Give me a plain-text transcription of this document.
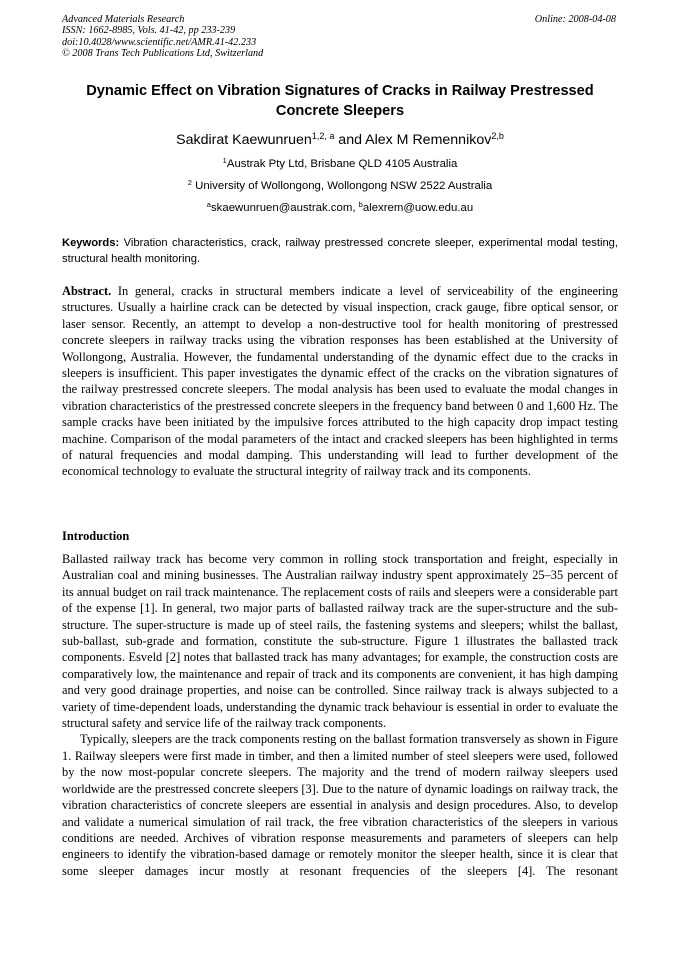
Advanced Materials Research
ISSN: 1662-8985, Vols. 41-42, pp 233-239
doi:10.4028/www.scientific.net/AMR.41-42.233
© 2008 Trans Tech Publications Ltd, Switzerland
Online: 2008-04-08
Dynamic Effect on Vibration Signatures of Cracks in Railway Prestressed Concrete Sleepers
Sakdirat Kaewunruen$^{1,2, a}$ and Alex M Remennikov$^{2,b}$
$^1$Austrak Pty Ltd, Brisbane QLD 4105 Australia
$^2$ University of Wollongong, Wollongong NSW 2522 Australia
$^a$skaewunruen@austrak.com, $^b$alexrem@uow.edu.au
Keywords: Vibration characteristics, crack, railway prestressed concrete sleeper, experimental modal testing, structural health monitoring.
Abstract. In general, cracks in structural members indicate a level of serviceability of the engineering structures. Usually a hairline crack can be detected by visual inspection, crack gauge, fibre optical sensor, or laser sensor. Recently, an attempt to develop a non-destructive tool for health monitoring of prestressed concrete sleepers in railway tracks using the vibration responses has been established at the University of Wollongong, Australia. However, the fundamental understanding of the dynamic effect due to the cracks in sleepers is insufficient. This paper investigates the dynamic effect of the cracks on the vibration signatures of the railway prestressed concrete sleepers. The modal analysis has been used to evaluate the modal changes in vibration characteristics of the prestressed concrete sleepers in the frequency band between 0 and 1,600 Hz. The sample cracks have been initiated by the impulsive forces attributed to the high capacity drop impact testing machine. Comparison of the modal parameters of the intact and cracked sleepers has been highlighted in terms of natural frequencies and modal damping. This understanding will lead to further development of the economical technology to evaluate the structural integrity of railway track and its components.
Introduction

Ballasted railway track has become very common in rolling stock transportation and freight, especially in Australian coal and mining businesses. The Australian railway industry spent approximately 25–35 percent of its annual budget on rail track maintenance. The replacement costs of rails and sleepers were a considerable part of the expense [1]. In general, two major parts of ballasted railway track are the super-structure and the sub-structure. The super-structure is made up of steel rails, the fastening systems and sleepers; whilst the ballast, sub-ballast, sub-grade and formation, constitute the sub-structure. Figure 1 illustrates the ballasted track components. Esveld [2] notes that ballasted track has many advantages; for example, the construction costs are comparatively low, the maintenance and repair of track and its components are convenient, it has high damping and very good drainage properties, and noise can be controlled. Since railway track is always subjected to a variety of time-dependent loads, understanding the dynamic track behaviour is essential in order to evaluate the structural safety and service life of the railway track components.

Typically, sleepers are the track components resting on the ballast formation transversely as shown in Figure 1. Railway sleepers were first made in timber, and then a limited number of steel sleepers were used, followed by the now most-popular concrete sleepers. The majority and the trend of modern railway sleepers used worldwide are the prestressed concrete sleepers [3]. Due to the nature of dynamic loadings on railway track, the vibration characteristics of concrete sleepers are essential in analysis and design procedures. Also, to develop and validate a numerical simulation of rail track, the free vibration characteristics of the sleepers in various conditions are needed. Archives of vibration response measurements and parameters of sleepers can help engineers to identify the vibration-based damage or remotely monitor the sleeper health, since it is clear that some sleeper damages incur mostly at resonant frequencies of the sleepers [4]. The resonant
